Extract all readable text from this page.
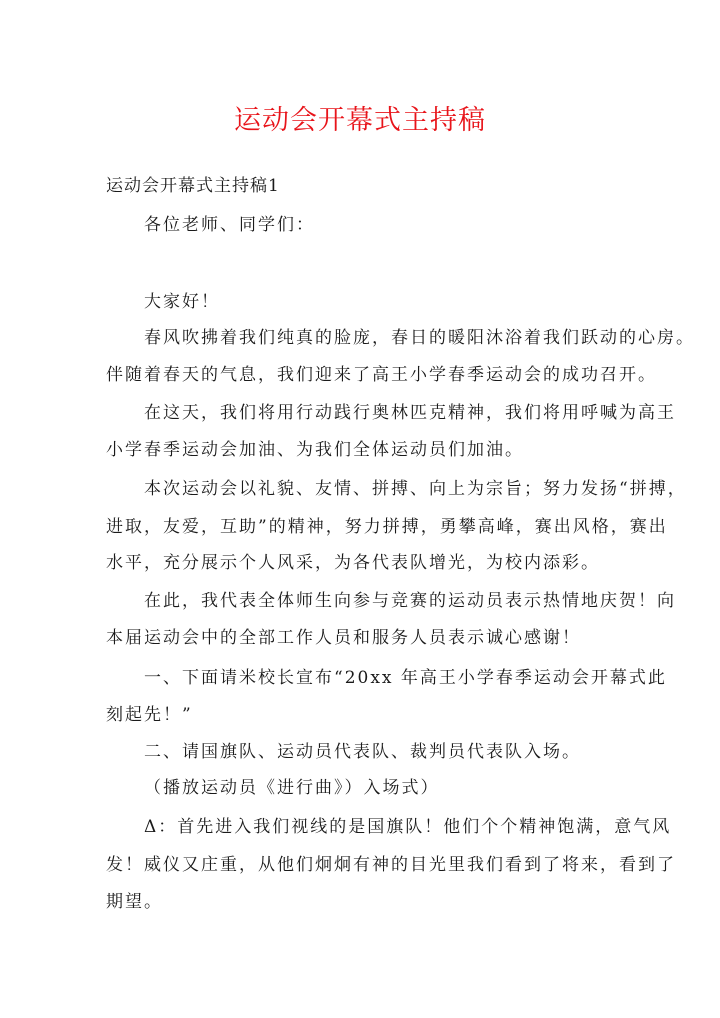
运动会开幕式主持稿
运动会开幕式主持稿1
各位老师、同学们：
大家好！
春风吹拂着我们纯真的脸庞，春日的暖阳沐浴着我们跃动的心房。
伴随着春天的气息，我们迎来了高王小学春季运动会的成功召开。
在这天，我们将用行动践行奥林匹克精神，我们将用呼喊为高王
小学春季运动会加油、为我们全体运动员们加油。
本次运动会以礼貌、友情、拼搏、向上为宗旨；努力发扬“拼搏，
进取，友爱，互助”的精神，努力拼搏，勇攀高峰，赛出风格，赛出
水平，充分展示个人风采，为各代表队增光，为校内添彩。
在此，我代表全体师生向参与竞赛的运动员表示热情地庆贺！向
本届运动会中的全部工作人员和服务人员表示诚心感谢！
一、下面请米校长宣布“20xx 年高王小学春季运动会开幕式此
刻起先！”
二、请国旗队、运动员代表队、裁判员代表队入场。
（播放运动员《进行曲》）入场式）
Δ：首先进入我们视线的是国旗队！他们个个精神饱满，意气风
发！威仪又庄重，从他们炯炯有神的目光里我们看到了将来，看到了
期望。
